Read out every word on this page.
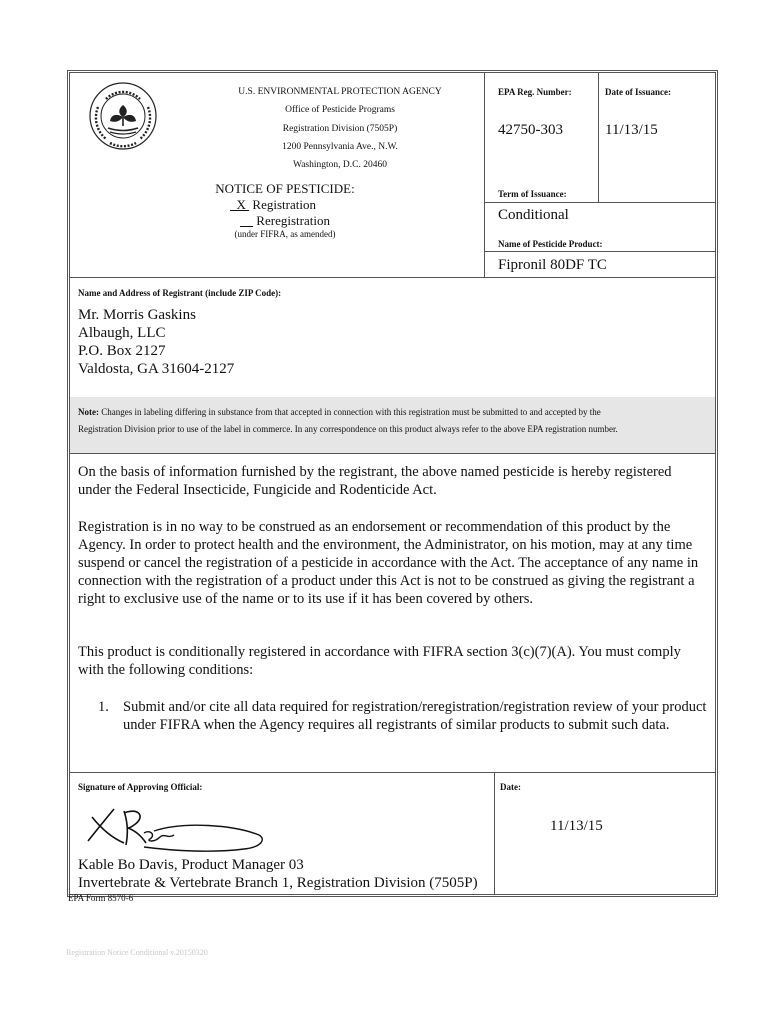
U.S. ENVIRONMENTAL PROTECTION AGENCY
Office of Pesticide Programs
Registration Division (7505P)
1200 Pennsylvania Ave., N.W.
Washington, D.C. 20460
NOTICE OF PESTICIDE:
X  Registration
Reregistration
(under FIFRA, as amended)
EPA Reg. Number:
42750-303
Date of Issuance:
11/13/15
Term of Issuance:
Conditional
Name of Pesticide Product:
Fipronil 80DF TC
Name and Address of Registrant (include ZIP Code):
Mr. Morris Gaskins
Albaugh, LLC
P.O. Box 2127
Valdosta, GA 31604-2127
Note: Changes in labeling differing in substance from that accepted in connection with this registration must be submitted to and accepted by the
Registration Division prior to use of the label in commerce. In any correspondence on this product always refer to the above EPA registration number.
On the basis of information furnished by the registrant, the above named pesticide is hereby registered under the Federal Insecticide, Fungicide and Rodenticide Act.
Registration is in no way to be construed as an endorsement or recommendation of this product by the Agency. In order to protect health and the environment, the Administrator, on his motion, may at any time suspend or cancel the registration of a pesticide in accordance with the Act. The acceptance of any name in connection with the registration of a product under this Act is not to be construed as giving the registrant a right to exclusive use of the name or to its use if it has been covered by others.
This product is conditionally registered in accordance with FIFRA section 3(c)(7)(A). You must comply with the following conditions:
1. Submit and/or cite all data required for registration/reregistration/registration review of your product under FIFRA when the Agency requires all registrants of similar products to submit such data.
Signature of Approving Official:	Date:
11/13/15
Kable Bo Davis, Product Manager 03
Invertebrate & Vertebrate Branch 1, Registration Division (7505P)
EPA Form 8570-6
Registration Notice Conditional v.20150320
